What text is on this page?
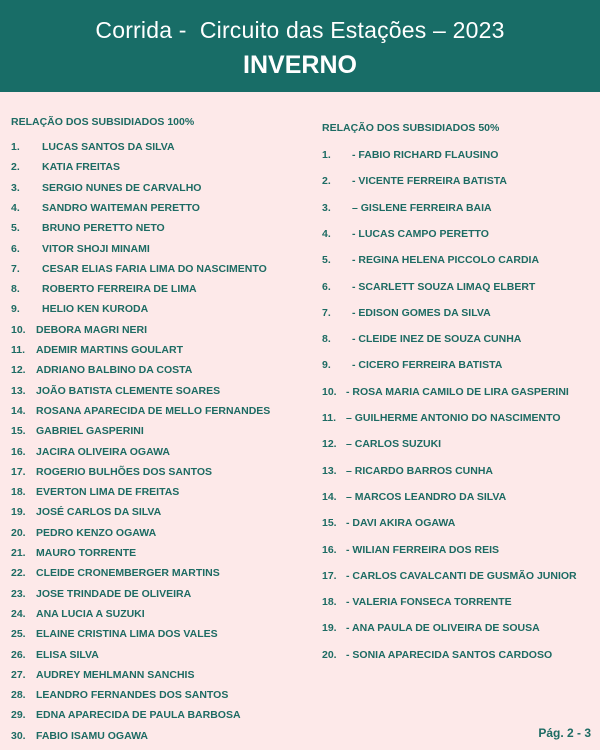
Corrida -  Circuito das Estações – 2023
INVERNO
RELAÇÃO DOS SUBSIDIADOS 100%
1. LUCAS SANTOS DA SILVA
2. KATIA FREITAS
3. SERGIO NUNES DE CARVALHO
4. SANDRO WAITEMAN PERETTO
5. BRUNO PERETTO NETO
6. VITOR SHOJI MINAMI
7. CESAR ELIAS FARIA LIMA DO NASCIMENTO
8. ROBERTO FERREIRA DE LIMA
9. HELIO KEN KURODA
10. DEBORA MAGRI NERI
11. ADEMIR MARTINS GOULART
12. ADRIANO BALBINO DA COSTA
13. JOÃO BATISTA CLEMENTE SOARES
14. ROSANA APARECIDA DE MELLO FERNANDES
15. GABRIEL GASPERINI
16. JACIRA OLIVEIRA OGAWA
17. ROGERIO BULHÕES DOS SANTOS
18. EVERTON LIMA DE FREITAS
19. JOSÉ CARLOS DA SILVA
20. PEDRO KENZO OGAWA
21. MAURO TORRENTE
22. CLEIDE CRONEMBERGER MARTINS
23. JOSE TRINDADE DE OLIVEIRA
24. ANA LUCIA A SUZUKI
25. ELAINE CRISTINA LIMA DOS VALES
26. ELISA SILVA
27. AUDREY MEHLMANN SANCHIS
28. LEANDRO FERNANDES DOS SANTOS
29. EDNA APARECIDA DE PAULA BARBOSA
30. FABIO ISAMU OGAWA
RELAÇÃO DOS SUBSIDIADOS 50%
1. - FABIO RICHARD FLAUSINO
2. - VICENTE FERREIRA BATISTA
3. – GISLENE FERREIRA BAIA
4. - LUCAS CAMPO PERETTO
5. - REGINA HELENA PICCOLO CARDIA
6. - SCARLETT SOUZA LIMAQ ELBERT
7. - EDISON GOMES DA SILVA
8. - CLEIDE INEZ DE SOUZA CUNHA
9. - CICERO FERREIRA BATISTA
10. - ROSA MARIA CAMILO DE LIRA GASPERINI
11. – GUILHERME ANTONIO DO NASCIMENTO
12. – CARLOS SUZUKI
13. – RICARDO BARROS CUNHA
14. – MARCOS LEANDRO DA SILVA
15. - DAVI AKIRA OGAWA
16. - WILIAN FERREIRA DOS REIS
17. - CARLOS CAVALCANTI DE GUSMÃO JUNIOR
18. - VALERIA FONSECA TORRENTE
19. - ANA PAULA DE OLIVEIRA DE SOUSA
20. - SONIA APARECIDA SANTOS CARDOSO
Pág. 2 - 3
